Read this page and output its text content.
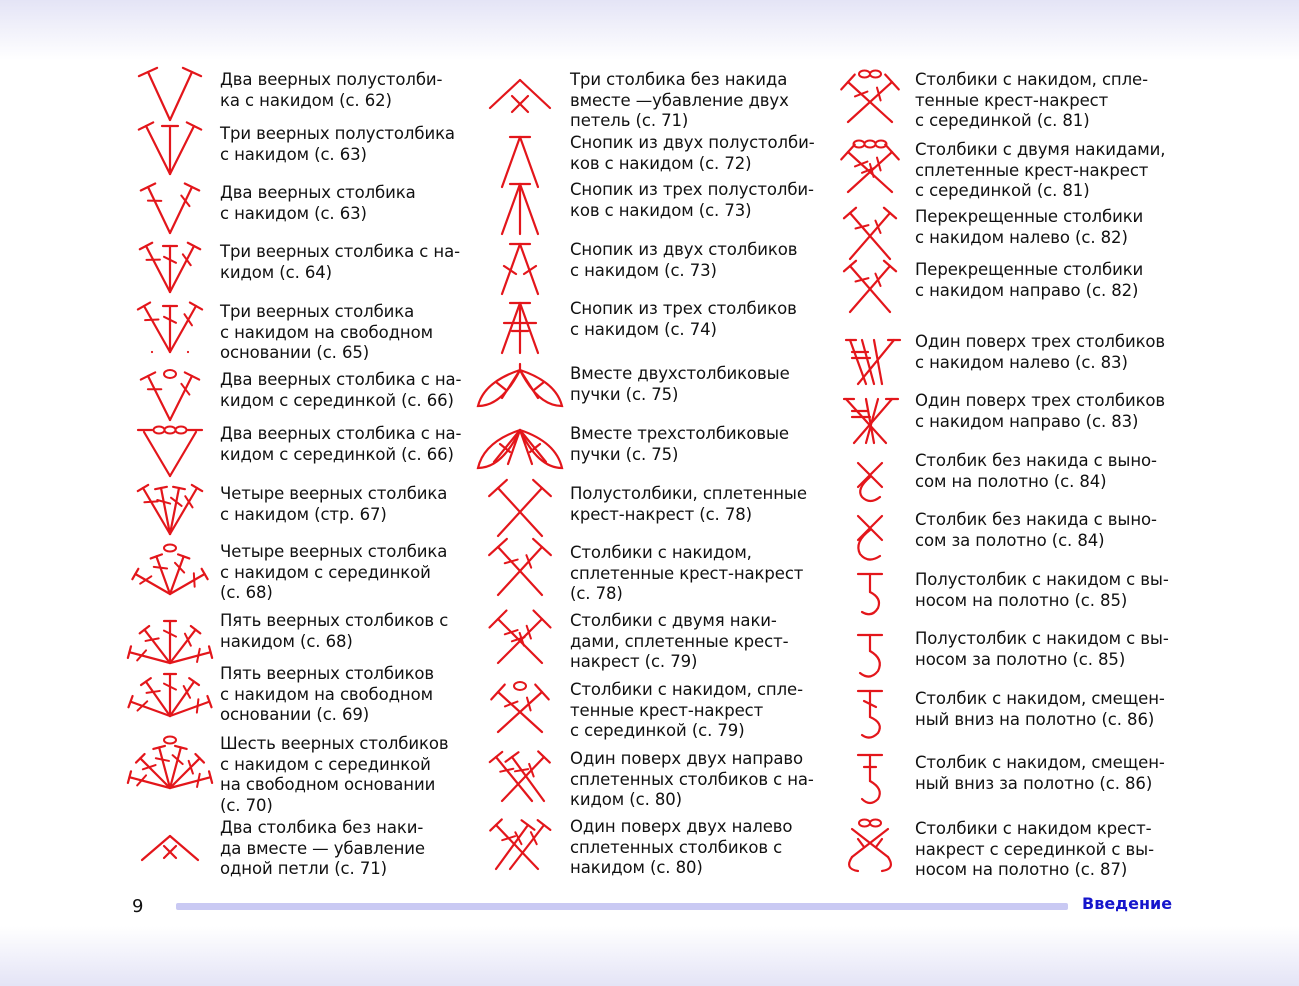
Два веерных полустолби-
ка с накидом (с. 62)
Три веерных полустолбика
с накидом (с. 63)
Два веерных столбика
с накидом (с. 63)
Три веерных столбика с на-
кидом (с. 64)
Три веерных столбика
с накидом на свободном
основании (с. 65)
Два веерных столбика с на-
кидом с серединкой (с. 66)
Два веерных столбика с на-
кидом с серединкой (с. 66)
Четыре веерных столбика
с накидом (стр. 67)
Четыре веерных столбика
с накидом с серединкой
(с. 68)
Пять веерных столбиков с
накидом (с. 68)
Пять веерных столбиков
с накидом на свободном
основании (с. 69)
Шесть веерных столбиков
с накидом с серединкой
на свободном основании
(с. 70)
Два столбика без наки-
да вместе — убавление
одной петли (с. 71)
Три столбика без накида
вместе —убавление двух
петель (с. 71)
Снопик из двух полустолби-
ков с накидом (с. 72)
Снопик из трех полустолби-
ков с накидом (с. 73)
Снопик из двух столбиков
с накидом (с. 73)
Снопик из трех столбиков
с накидом (с. 74)
Вместе двухстолбиковые
пучки (с. 75)
Вместе трехстолбиковые
пучки (с. 75)
Полустолбики, сплетенные
крест-накрест (с. 78)
Столбики с накидом,
сплетенные крест-накрест
(с. 78)
Столбики с двумя наки-
дами, сплетенные крест-
накрест (с. 79)
Столбики с накидом, спле-
тенные крест-накрест
с серединкой (с. 79)
Один поверх двух направо
сплетенных столбиков с на-
кидом (с. 80)
Один поверх двух налево
сплетенных столбиков с
накидом (с. 80)
Столбики с накидом, спле-
тенные крест-накрест
с серединкой (с. 81)
Столбики с двумя накидами,
сплетенные крест-накрест
с серединкой (с. 81)
Перекрещенные столбики
с накидом налево (с. 82)
Перекрещенные столбики
с накидом направо (с. 82)
Один поверх трех столбиков
с накидом налево (с. 83)
Один поверх трех столбиков
с накидом направо (с. 83)
Столбик без накида с выно-
сом на полотно (с. 84)
Столбик без накида с выно-
сом за полотно (с. 84)
Полустолбик с накидом с вы-
носом на полотно (с. 85)
Полустолбик с накидом с вы-
носом за полотно (с. 85)
Столбик с накидом, смещен-
ный вниз на полотно (с. 86)
Столбик с накидом, смещен-
ный вниз за полотно (с. 86)
Столбики с накидом крест-
накрест с серединкой с вы-
носом на полотно (с. 87)
9	Введение
